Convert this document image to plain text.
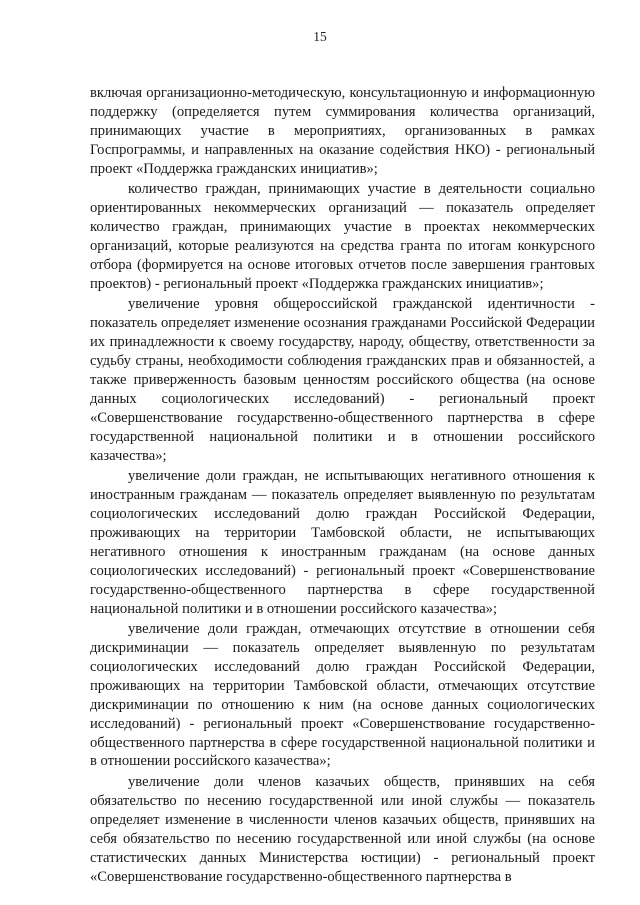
15

включая организационно-методическую, консультационную и информационную поддержку (определяется путем суммирования количества организаций, принимающих участие в мероприятиях, организованных в рамках Госпрограммы, и направленных на оказание содействия НКО) - региональный проект «Поддержка гражданских инициатив»;

количество граждан, принимающих участие в деятельности социально ориентированных некоммерческих организаций — показатель определяет количество граждан, принимающих участие в проектах некоммерческих организаций, которые реализуются на средства гранта по итогам конкурсного отбора (формируется на основе итоговых отчетов после завершения грантовых проектов) - региональный проект «Поддержка гражданских инициатив»;

увеличение уровня общероссийской гражданской идентичности - показатель определяет изменение осознания гражданами Российской Федерации их принадлежности к своему государству, народу, обществу, ответственности за судьбу страны, необходимости соблюдения гражданских прав и обязанностей, а также приверженность базовым ценностям российского общества (на основе данных социологических исследований) - региональный проект «Совершенствование государственно-общественного партнерства в сфере государственной национальной политики и в отношении российского казачества»;

увеличение доли граждан, не испытывающих негативного отношения к иностранным гражданам — показатель определяет выявленную по результатам социологических исследований долю граждан Российской Федерации, проживающих на территории Тамбовской области, не испытывающих негативного отношения к иностранным гражданам (на основе данных социологических исследований) - региональный проект «Совершенствование государственно-общественного партнерства в сфере государственной национальной политики и в отношении российского казачества»;

увеличение доли граждан, отмечающих отсутствие в отношении себя дискриминации — показатель определяет выявленную по результатам социологических исследований долю граждан Российской Федерации, проживающих на территории Тамбовской области, отмечающих отсутствие дискриминации по отношению к ним (на основе данных социологических исследований) - региональный проект «Совершенствование государственно-общественного партнерства в сфере государственной национальной политики и в отношении российского казачества»;

увеличение доли членов казачьих обществ, принявших на себя обязательство по несению государственной или иной службы — показатель определяет изменение в численности членов казачьих обществ, принявших на себя обязательство по несению государственной или иной службы (на основе статистических данных Министерства юстиции) - региональный проект «Совершенствование государственно-общественного партнерства в
